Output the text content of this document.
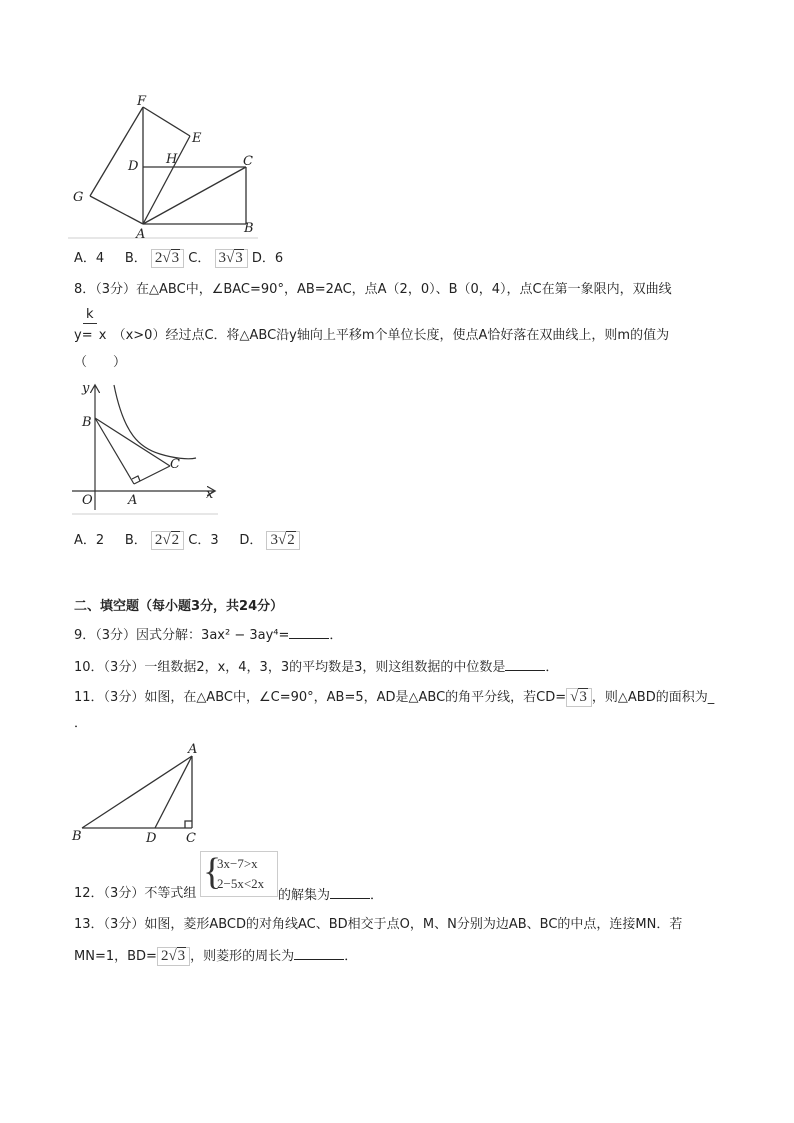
F
E
H
D	C
G
A	B
A．4 B． 2√3 C． 3√3 D．6
8．（3分）在△ABC中，∠BAC=90°，AB=2AC，点A（2，0）、B（0，4），点C在第一象限内，双曲线
k
y= x （x>0）经过点C．将△ABC沿y轴向上平移m个单位长度，使点A恰好落在双曲线上，则m的值为
（　　）
y
B
C
O	A	x
A．2 B． 2√2 C．3 D． 3√2
二、填空题（每小题3分，共24分）
9．（3分）因式分解：3ax² − 3ay⁴=	．
10．（3分）一组数据2，x，4，3，3的平均数是3，则这组数据的中位数是	．
11．（3分）如图，在△ABC中，∠C=90°，AB=5，AD是△ABC的角平分线，若CD= √3 ，则△ABD的面积为_
．
A
B	D C
12．（3分）不等式组
{
3x−7>x
2−5x<2x
的解集为	．
13．（3分）如图，菱形ABCD的对角线AC、BD相交于点O，M、N分别为边AB、BC的中点，连接MN．若
MN=1，BD= 2√3 ，则菱形的周长为	．
